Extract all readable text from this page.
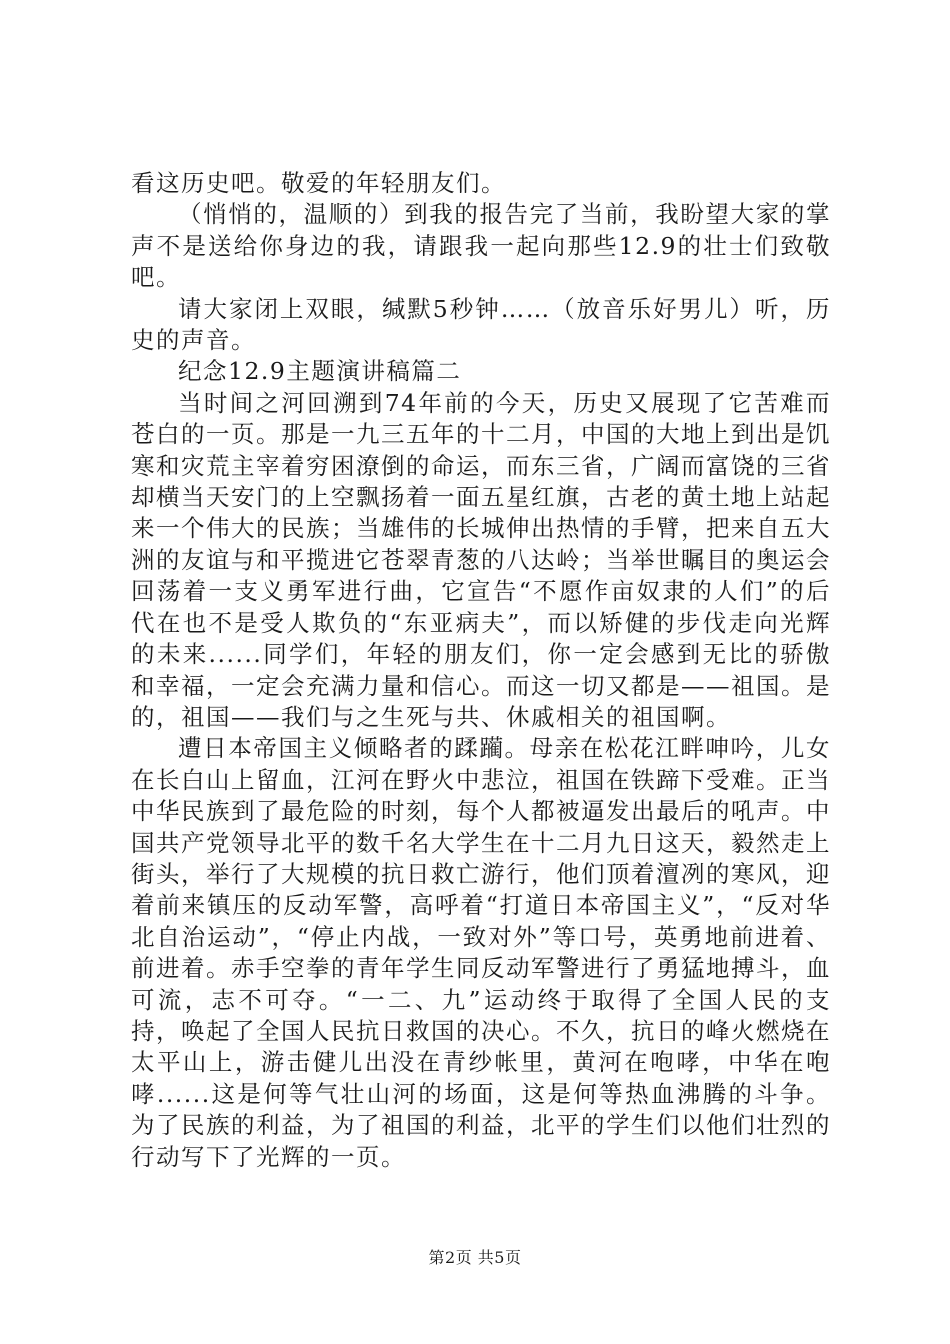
看这历史吧。敬爱的年轻朋友们。

（悄悄的，温顺的）到我的报告完了当前，我盼望大家的掌声不是送给你身边的我，请跟我一起向那些12.9的壮士们致敬吧。

请大家闭上双眼，缄默5秒钟……（放音乐好男儿）听，历史的声音。

纪念12.9主题演讲稿篇二

当时间之河回溯到74年前的今天，历史又展现了它苦难而苍白的一页。那是一九三五年的十二月，中国的大地上到出是饥寒和灾荒主宰着穷困潦倒的命运，而东三省，广阔而富饶的三省却横当天安门的上空飘扬着一面五星红旗，古老的黄土地上站起来一个伟大的民族；当雄伟的长城伸出热情的手臂，把来自五大洲的友谊与和平揽进它苍翠青葱的八达岭；当举世瞩目的奥运会回荡着一支义勇军进行曲，它宣告“不愿作亩奴隶的人们”的后代在也不是受人欺负的“东亚病夫”，而以矫健的步伐走向光辉的未来......同学们，年轻的朋友们，你一定会感到无比的骄傲和幸福，一定会充满力量和信心。而这一切又都是——祖国。是的，祖国——我们与之生死与共、休戚相关的祖国啊。

遭日本帝国主义倾略者的蹂躏。母亲在松花江畔呻吟，儿女在长白山上留血，江河在野火中悲泣，祖国在铁蹄下受难。正当中华民族到了最危险的时刻，每个人都被逼发出最后的吼声。中国共产党领导北平的数千名大学生在十二月九日这天，毅然走上街头，举行了大规模的抗日救亡游行，他们顶着澶冽的寒风，迎着前来镇压的反动军警，高呼着“打道日本帝国主义”，“反对华北自治运动”，“停止内战，一致对外”等口号，英勇地前进着、前进着。赤手空拳的青年学生同反动军警进行了勇猛地搏斗，血可流，志不可夺。“一二、九”运动终于取得了全国人民的支持，唤起了全国人民抗日救国的决心。不久，抗日的峰火燃烧在太平山上，游击健儿出没在青纱帐里，黄河在咆哮，中华在咆哮......这是何等气壮山河的场面，这是何等热血沸腾的斗争。为了民族的利益，为了祖国的利益，北平的学生们以他们壮烈的行动写下了光辉的一页。

第2页 共5页
